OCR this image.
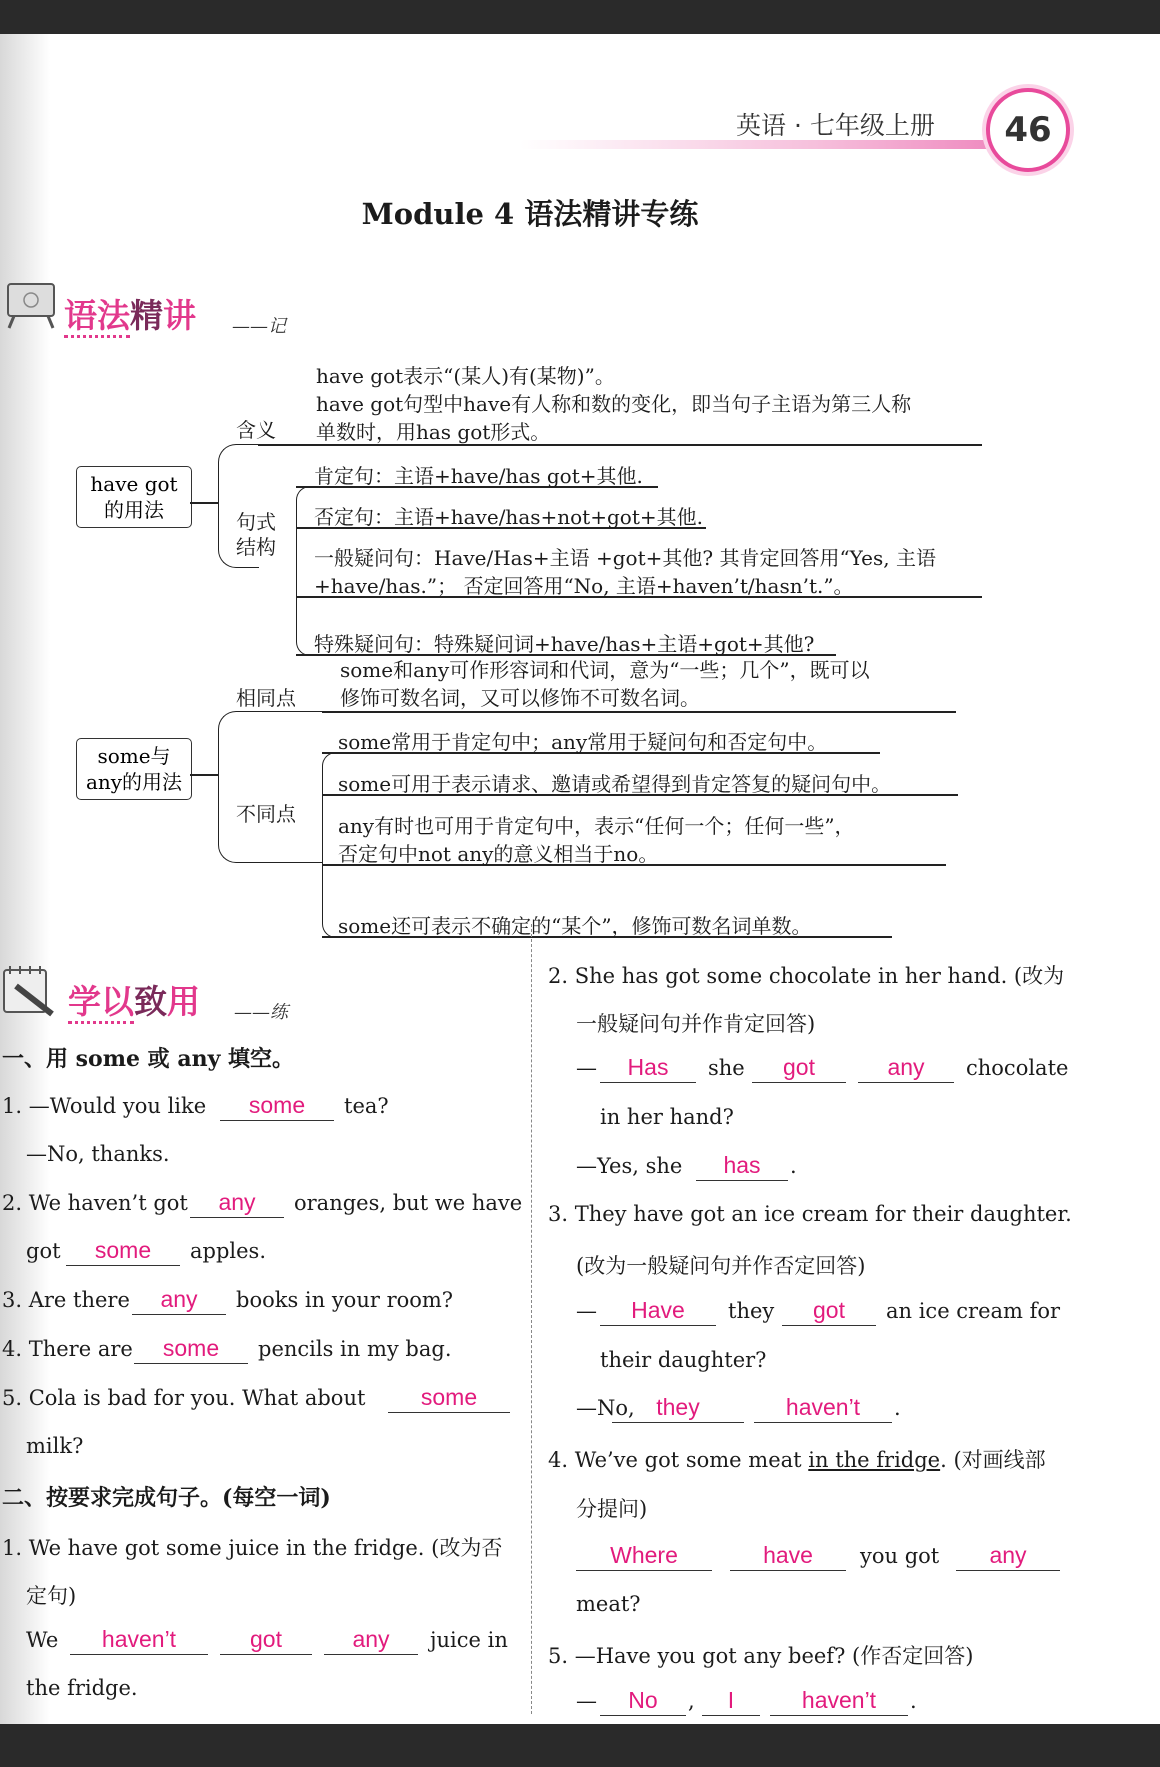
英语 · 七年级上册	46
Module 4 语法精讲专练
语法精讲 ——记
have got
的用法
含义
have got表示“(某人)有(某物)”。
have got句型中have有人称和数的变化，即当句子主语为第三人称
单数时，用has got形式。
句式
结构
肯定句：主语+have/has got+其他.
否定句：主语+have/has+not+got+其他.
一般疑问句：Have/Has+主语 +got+其他? 其肯定回答用“Yes, 主语
+have/has.”； 否定回答用“No, 主语+haven’t/hasn’t.”。
特殊疑问句：特殊疑问词+have/has+主语+got+其他?
some与
any的用法
相同点
some和any可作形容词和代词，意为“一些；几个”，既可以
修饰可数名词，又可以修饰不可数名词。
不同点
some常用于肯定句中；any常用于疑问句和否定句中。
some可用于表示请求、邀请或希望得到肯定答复的疑问句中。
any有时也可用于肯定句中，表示“任何一个；任何一些”，
否定句中not any的意义相当于no。
some还可表示不确定的“某个”，修饰可数名词单数。
学以致用 ——练
一、用 some 或 any 填空。
1. —Would you like	some	tea?
—No, thanks.
2. We haven’t got	any	oranges, but we have
got	some	apples.
3. Are there	any	books in your room?
4. There are	some	pencils in my bag.
5. Cola is bad for you. What about	some
milk?
二、按要求完成句子。(每空一词)
1. We have got some juice in the fridge. (改为否
定句)
We	haven’t	got	any	juice in
the fridge.
2. She has got some chocolate in her hand. (改为
一般疑问句并作肯定回答)
—	Has	she	got	any	chocolate
in her hand?
—Yes, she	has	.
3. They have got an ice cream for their daughter.
(改为一般疑问句并作否定回答)
—	Have	they	got	an ice cream for
their daughter?
—No, they	haven’t	.
4. We’ve got some meat in the fridge. (对画线部
分提问)
Where	have	you got	any
meat?
5. —Have you got any beef? (作否定回答)
—	No	,	I	haven’t	.
